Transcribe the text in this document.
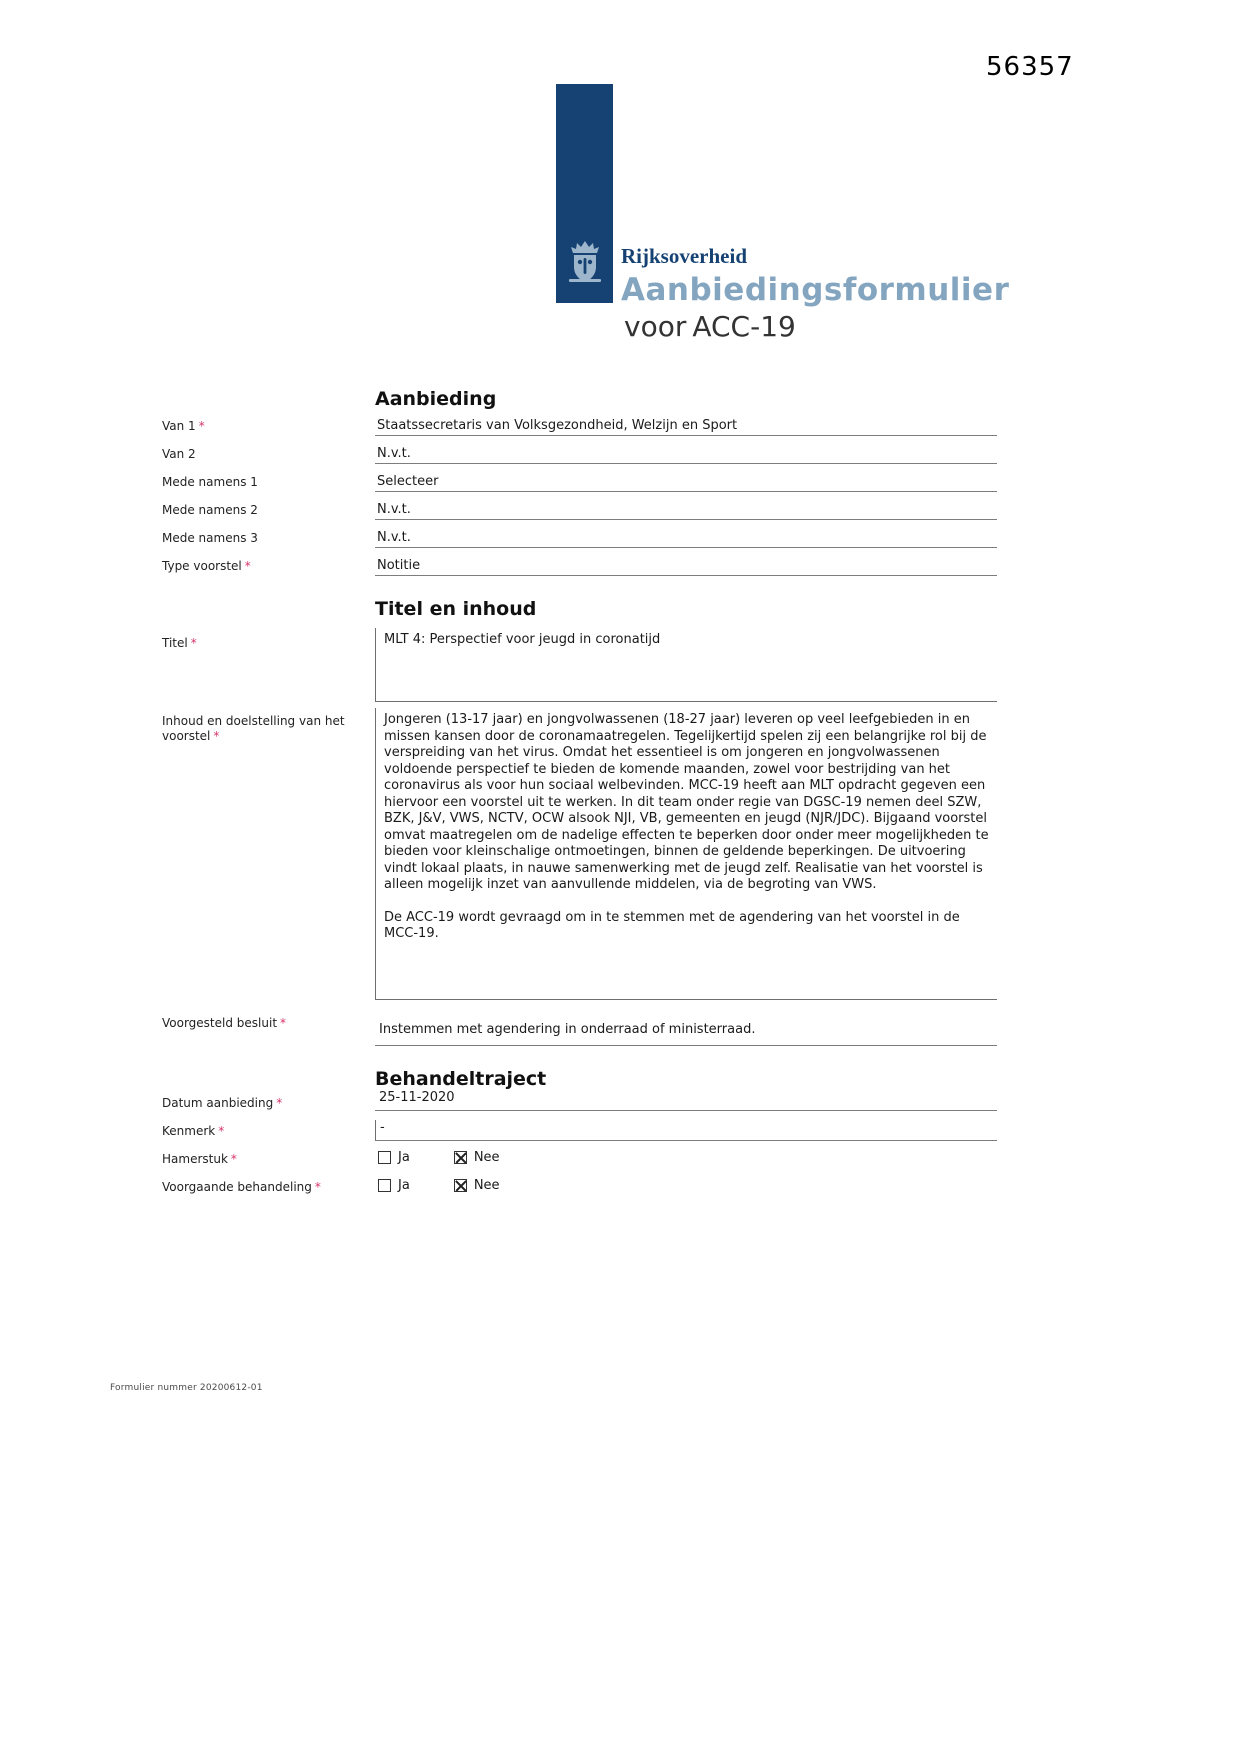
56357
Rijksoverheid
Aanbiedingsformulier
voor ACC-19
Aanbieding
Van 1 *	Staatssecretaris van Volksgezondheid, Welzijn en Sport
Van 2	N.v.t.
Mede namens 1	Selecteer
Mede namens 2	N.v.t.
Mede namens 3	N.v.t.
Type voorstel *	Notitie
Titel en inhoud
Titel *	MLT 4: Perspectief voor jeugd in coronatijd
Inhoud en doelstelling van het
voorstel *

Jongeren (13-17 jaar) en jongvolwassenen (18-27 jaar) leveren op veel leefgebieden in en missen kansen door de coronamaatregelen. Tegelijkertijd spelen zij een belangrijke rol bij de verspreiding van het virus. Omdat het essentieel is om jongeren en jongvolwassenen voldoende perspectief te bieden de komende maanden, zowel voor bestrijding van het coronavirus als voor hun sociaal welbevinden. MCC-19 heeft aan MLT opdracht gegeven een hiervoor een voorstel uit te werken. In dit team onder regie van DGSC-19 nemen deel SZW, BZK, J&V, VWS, NCTV, OCW alsook NJI, VB, gemeenten en jeugd (NJR/JDC). Bijgaand voorstel omvat maatregelen om de nadelige effecten te beperken door onder meer mogelijkheden te bieden voor kleinschalige ontmoetingen, binnen de geldende beperkingen. De uitvoering vindt lokaal plaats, in nauwe samenwerking met de jeugd zelf. Realisatie van het voorstel is alleen mogelijk inzet van aanvullende middelen, via de begroting van VWS.

De ACC-19 wordt gevraagd om in te stemmen met de agendering van het voorstel in de MCC-19.

Voorgesteld besluit *	Instemmen met agendering in onderraad of ministerraad.
Behandeltraject
Datum aanbieding *	25-11-2020
Kenmerk *	-
Hamerstuk *	Ja	Nee
Voorgaande behandeling *	Ja	Nee
Formulier nummer 20200612-01
